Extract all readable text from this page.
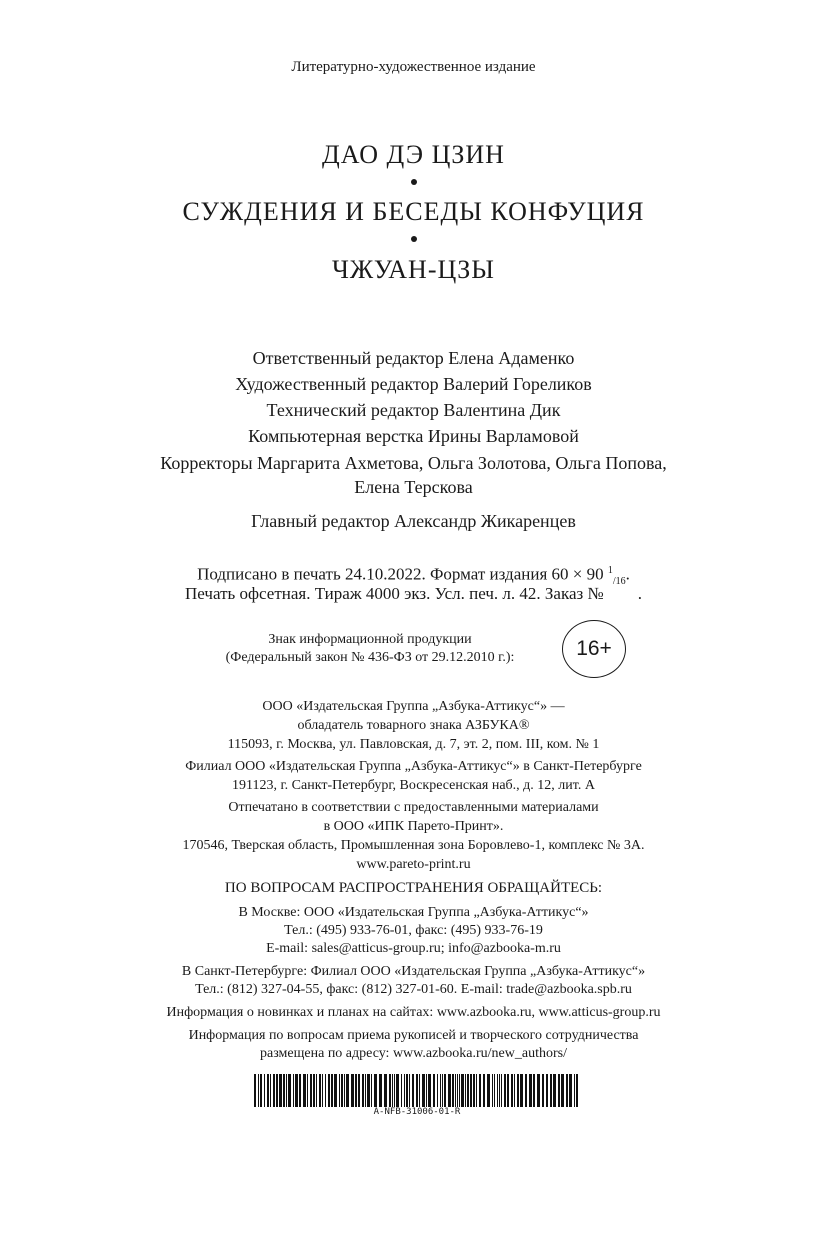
Литературно-художественное издание
ДАО ДЭ ЦЗИН
СУЖДЕНИЯ И БЕСЕДЫ КОНФУЦИЯ
ЧЖУАН-ЦЗЫ
Ответственный редактор Елена Адаменко
Художественный редактор Валерий Гореликов
Технический редактор Валентина Дик
Компьютерная верстка Ирины Варламовой
Корректоры Маргарита Ахметова, Ольга Золотова, Ольга Попова,
Елена Терскова
Главный редактор Александр Жикаренцев
Подписано в печать 24.10.2022. Формат издания 60 × 90 $^1_{/16}$.
Печать офсетная. Тираж 4000 экз. Усл. печ. л. 42. Заказ №        .
Знак информационной продукции
(Федеральный закон № 436-ФЗ от 29.12.2010 г.):	16+
ООО «Издательская Группа „Азбука-Аттикус“» —
обладатель товарного знака АЗБУКА®
115093, г. Москва, ул. Павловская, д. 7, эт. 2, пом. III, ком. № 1
Филиал ООО «Издательская Группа „Азбука-Аттикус“» в Санкт-Петербурге
191123, г. Санкт-Петербург, Воскресенская наб., д. 12, лит. А
Отпечатано в соответствии с предоставленными материалами
в ООО «ИПК Парето-Принт».
170546, Тверская область, Промышленная зона Боровлево-1, комплекс № 3А.
www.pareto-print.ru
ПО ВОПРОСАМ РАСПРОСТРАНЕНИЯ ОБРАЩАЙТЕСЬ:
В Москве: ООО «Издательская Группа „Азбука-Аттикус“»
Тел.: (495) 933-76-01, факс: (495) 933-76-19
E-mail: sales@atticus-group.ru; info@azbooka-m.ru
В Санкт-Петербурге: Филиал ООО «Издательская Группа „Азбука-Аттикус“»
Тел.: (812) 327-04-55, факс: (812) 327-01-60. E-mail: trade@azbooka.spb.ru
Информация о новинках и планах на сайтах: www.azbooka.ru, www.atticus-group.ru
Информация по вопросам приема рукописей и творческого сотрудничества
размещена по адресу: www.azbooka.ru/new_authors/
A-NFB-31006-01-R
